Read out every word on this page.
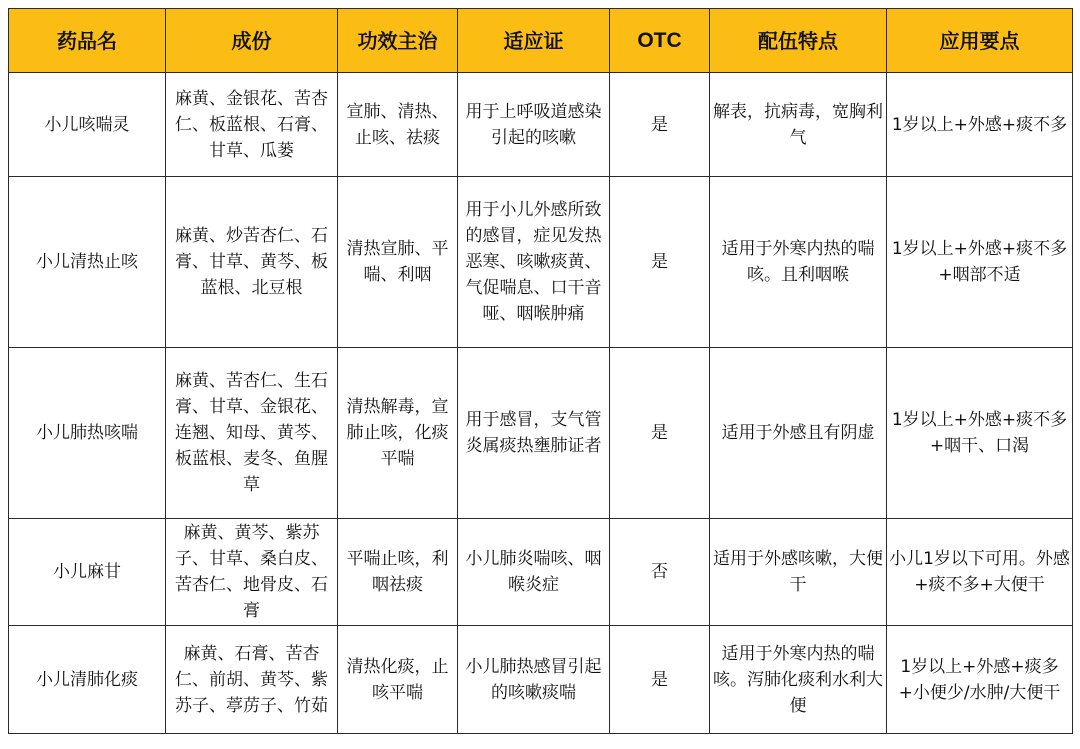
药品名	成份	功效主治	适应证	OTC	配伍特点	应用要点
小儿咳喘灵	麻黄、金银花、苦杏仁、板蓝根、石膏、甘草、瓜蒌	宣肺、清热、止咳、祛痰	用于上呼吸道感染引起的咳嗽	是	解表，抗病毒，宽胸利气	1岁以上+外感+痰不多
小儿清热止咳	麻黄、炒苦杏仁、石膏、甘草、黄芩、板蓝根、北豆根	清热宣肺、平喘、利咽	用于小儿外感所致的感冒，症见发热恶寒、咳嗽痰黄、气促喘息、口干音哑、咽喉肿痛	是	适用于外寒内热的喘咳。且利咽喉	1岁以上+外感+痰不多+咽部不适
小儿肺热咳喘	麻黄、苦杏仁、生石膏、甘草、金银花、连翘、知母、黄芩、板蓝根、麦冬、鱼腥草	清热解毒，宣肺止咳，化痰平喘	用于感冒，支气管炎属痰热壅肺证者	是	适用于外感且有阴虚	1岁以上+外感+痰不多+咽干、口渴
小儿麻甘	麻黄、黄芩、紫苏子、甘草、桑白皮、苦杏仁、地骨皮、石膏	平喘止咳，利咽祛痰	小儿肺炎喘咳、咽喉炎症	否	适用于外感咳嗽，大便干	小儿1岁以下可用。外感+痰不多+大便干
小儿清肺化痰	麻黄、石膏、苦杏仁、前胡、黄芩、紫苏子、葶苈子、竹茹	清热化痰，止咳平喘	小儿肺热感冒引起的咳嗽痰喘	是	适用于外寒内热的喘咳。泻肺化痰利水利大便	1岁以上+外感+痰多+小便少/水肿/大便干
